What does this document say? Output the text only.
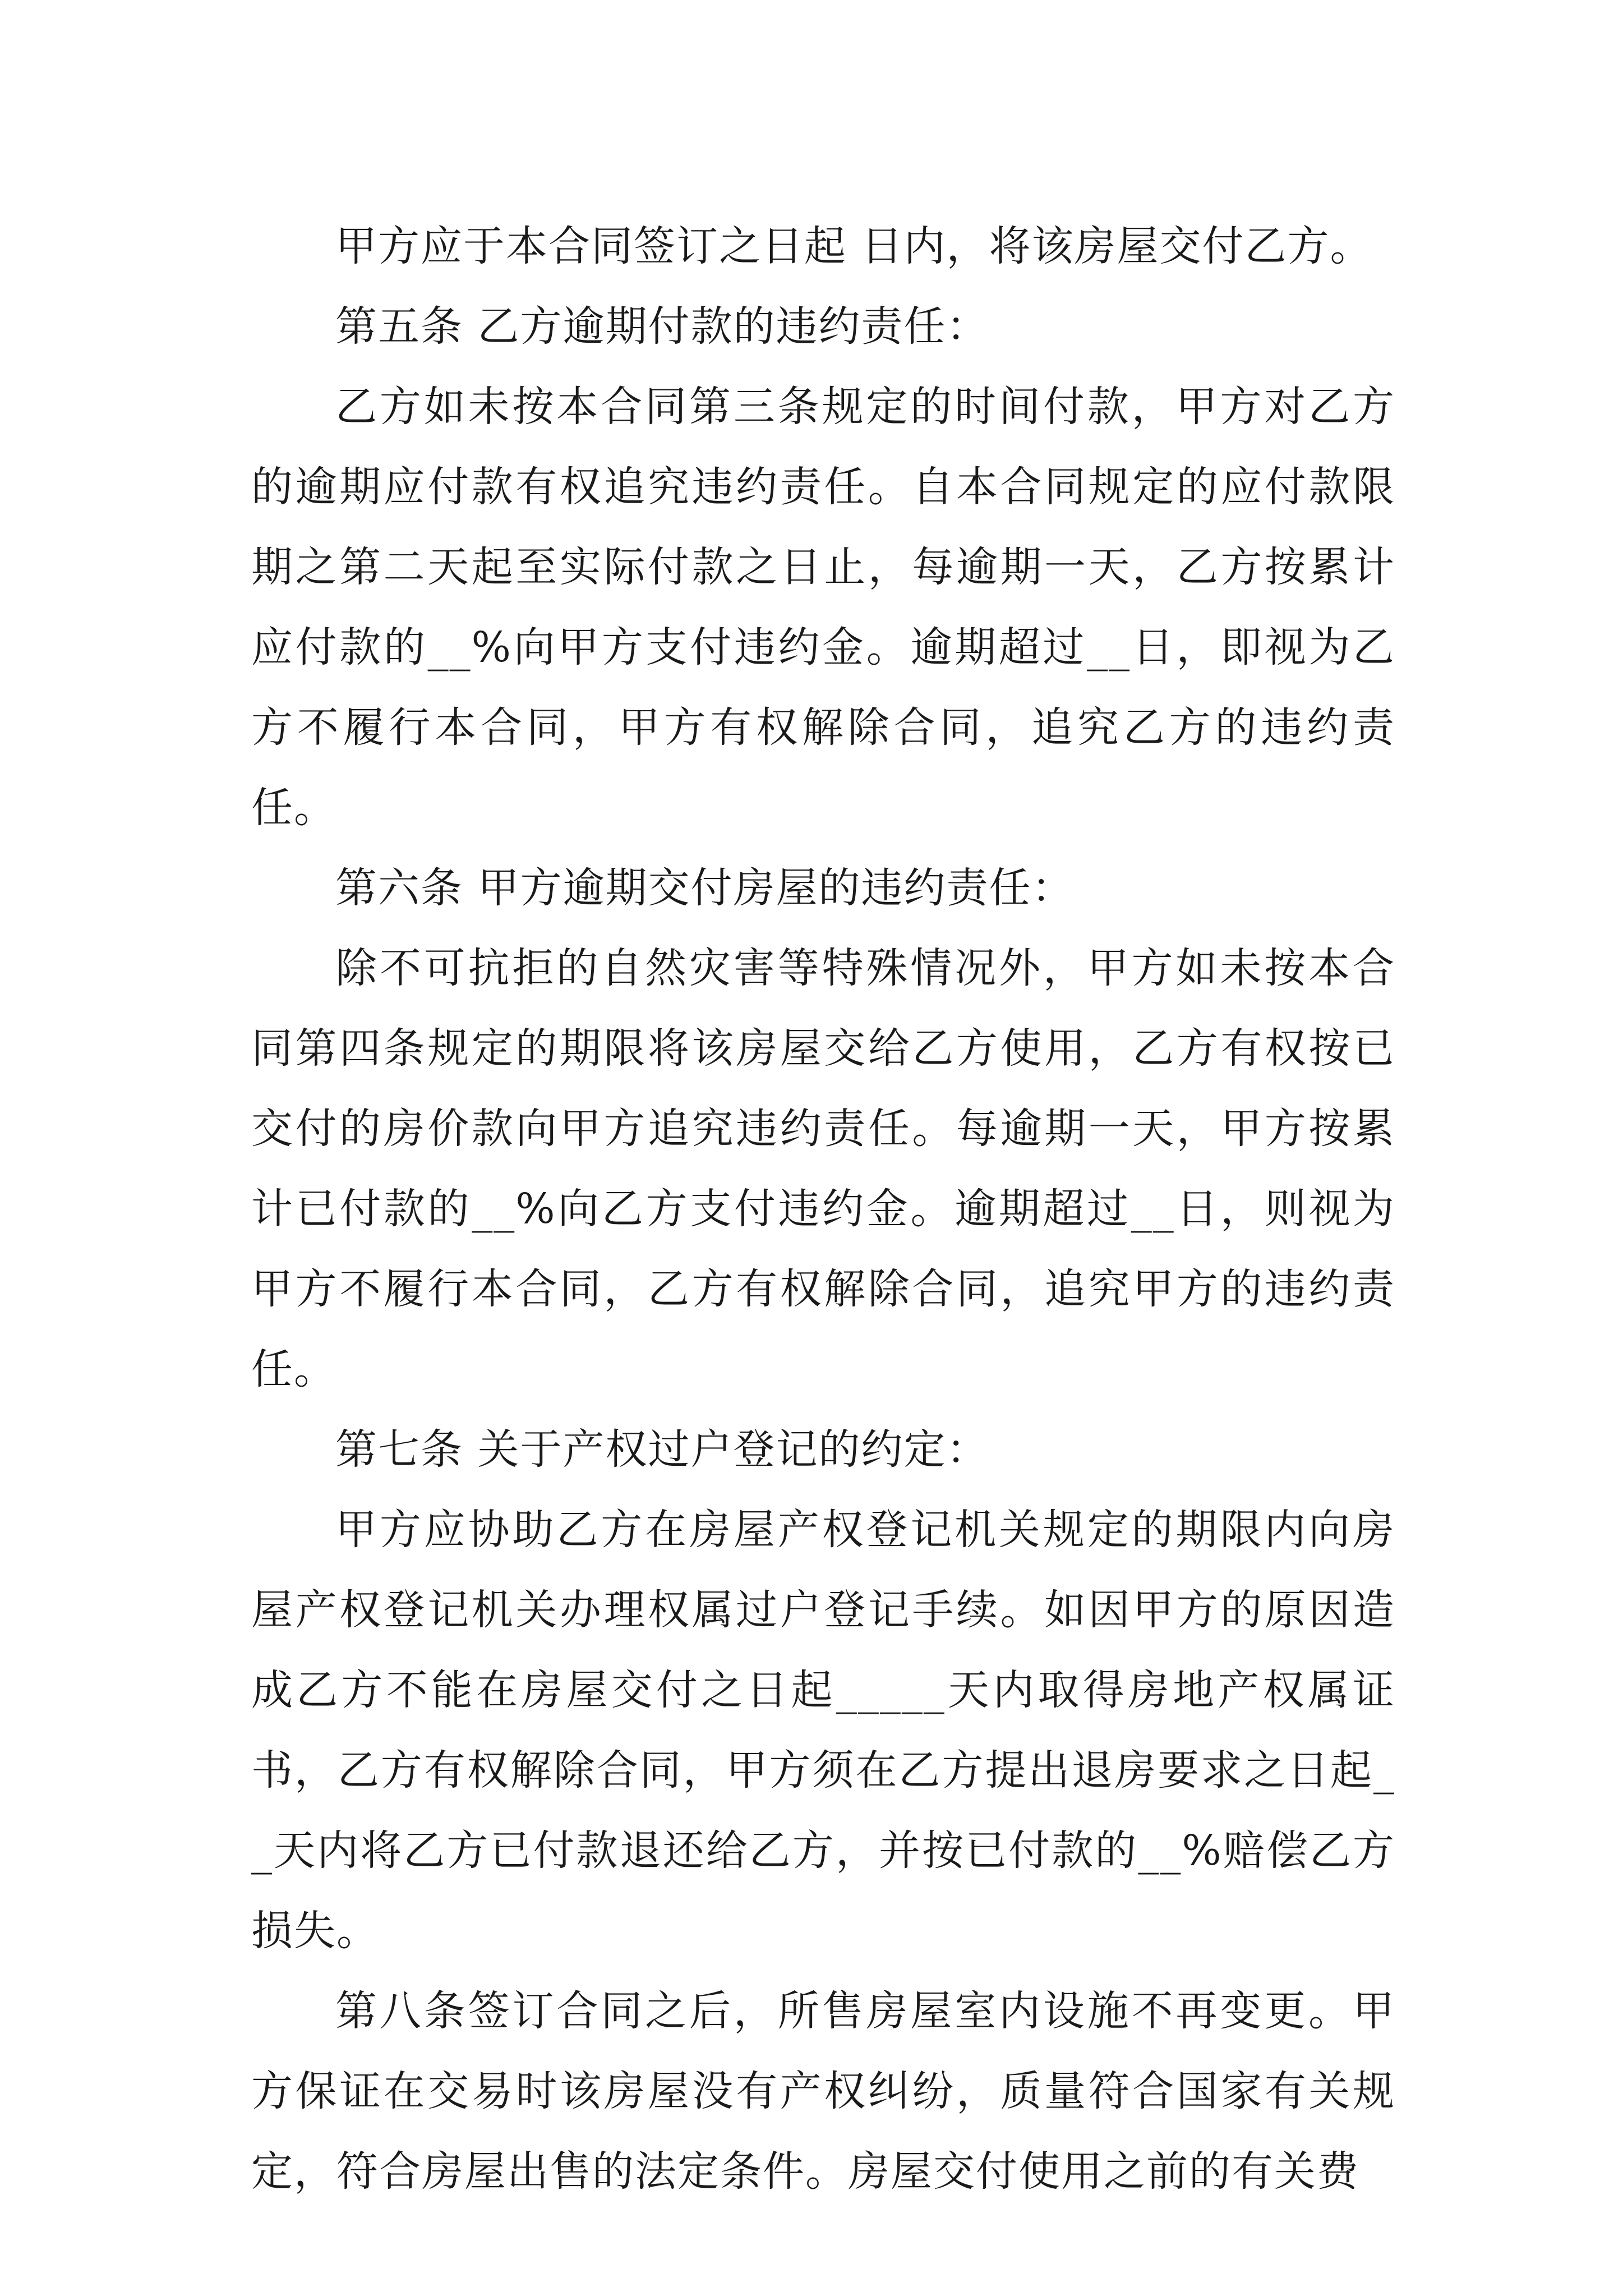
甲方应于本合同签订之日起 日内，将该房屋交付乙方。

第五条 乙方逾期付款的违约责任：

乙方如未按本合同第三条规定的时间付款，甲方对乙方的逾期应付款有权追究违约责任。自本合同规定的应付款限期之第二天起至实际付款之日止，每逾期一天，乙方按累计应付款的__%向甲方支付违约金。逾期超过__日，即视为乙方不履行本合同，甲方有权解除合同，追究乙方的违约责任。

第六条 甲方逾期交付房屋的违约责任：

除不可抗拒的自然灾害等特殊情况外，甲方如未按本合同第四条规定的期限将该房屋交给乙方使用，乙方有权按已交付的房价款向甲方追究违约责任。每逾期一天，甲方按累计已付款的__%向乙方支付违约金。逾期超过__日，则视为甲方不履行本合同，乙方有权解除合同，追究甲方的违约责任。

第七条 关于产权过户登记的约定：

甲方应协助乙方在房屋产权登记机关规定的期限内向房屋产权登记机关办理权属过户登记手续。如因甲方的原因造成乙方不能在房屋交付之日起_____天内取得房地产权属证书，乙方有权解除合同，甲方须在乙方提出退房要求之日起__天内将乙方已付款退还给乙方，并按已付款的__%赔偿乙方损失。

第八条签订合同之后，所售房屋室内设施不再变更。甲方保证在交易时该房屋没有产权纠纷，质量符合国家有关规定，符合房屋出售的法定条件。房屋交付使用之前的有关费
